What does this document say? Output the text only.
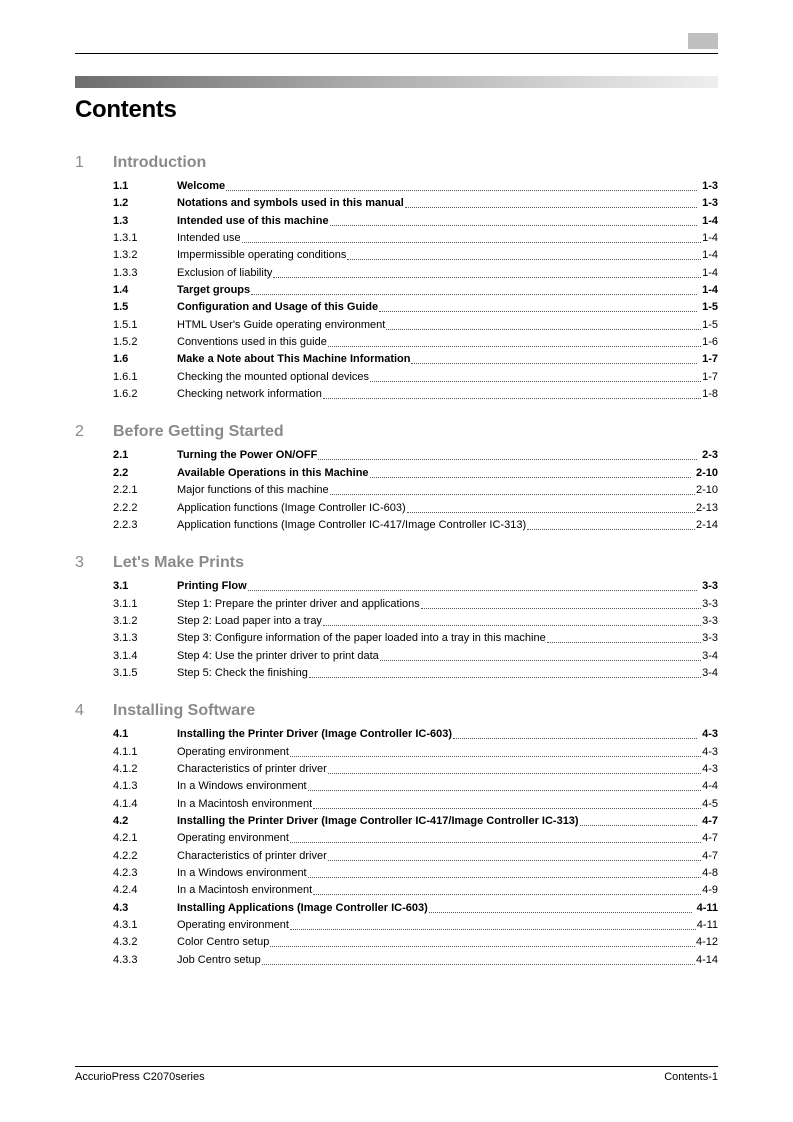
Contents
1 Introduction
1.1	Welcome	1-3
1.2	Notations and symbols used in this manual	1-3
1.3	Intended use of this machine	1-4
1.3.1	Intended use	1-4
1.3.2	Impermissible operating conditions	1-4
1.3.3	Exclusion of liability	1-4
1.4	Target groups	1-4
1.5	Configuration and Usage of this Guide	1-5
1.5.1	HTML User's Guide operating environment	1-5
1.5.2	Conventions used in this guide	1-6
1.6	Make a Note about This Machine Information	1-7
1.6.1	Checking the mounted optional devices	1-7
1.6.2	Checking network information	1-8
2 Before Getting Started
2.1	Turning the Power ON/OFF	2-3
2.2	Available Operations in this Machine	2-10
2.2.1	Major functions of this machine	2-10
2.2.2	Application functions (Image Controller IC-603)	2-13
2.2.3	Application functions (Image Controller IC-417/Image Controller IC-313)	2-14
3 Let's Make Prints
3.1	Printing Flow	3-3
3.1.1	Step 1: Prepare the printer driver and applications	3-3
3.1.2	Step 2: Load paper into a tray	3-3
3.1.3	Step 3: Configure information of the paper loaded into a tray in this machine	3-3
3.1.4	Step 4: Use the printer driver to print data	3-4
3.1.5	Step 5: Check the finishing	3-4
4 Installing Software
4.1	Installing the Printer Driver (Image Controller IC-603)	4-3
4.1.1	Operating environment	4-3
4.1.2	Characteristics of printer driver	4-3
4.1.3	In a Windows environment	4-4
4.1.4	In a Macintosh environment	4-5
4.2	Installing the Printer Driver (Image Controller IC-417/Image Controller IC-313)	4-7
4.2.1	Operating environment	4-7
4.2.2	Characteristics of printer driver	4-7
4.2.3	In a Windows environment	4-8
4.2.4	In a Macintosh environment	4-9
4.3	Installing Applications (Image Controller IC-603)	4-11
4.3.1	Operating environment	4-11
4.3.2	Color Centro setup	4-12
4.3.3	Job Centro setup	4-14
AccurioPress C2070series	Contents-1
